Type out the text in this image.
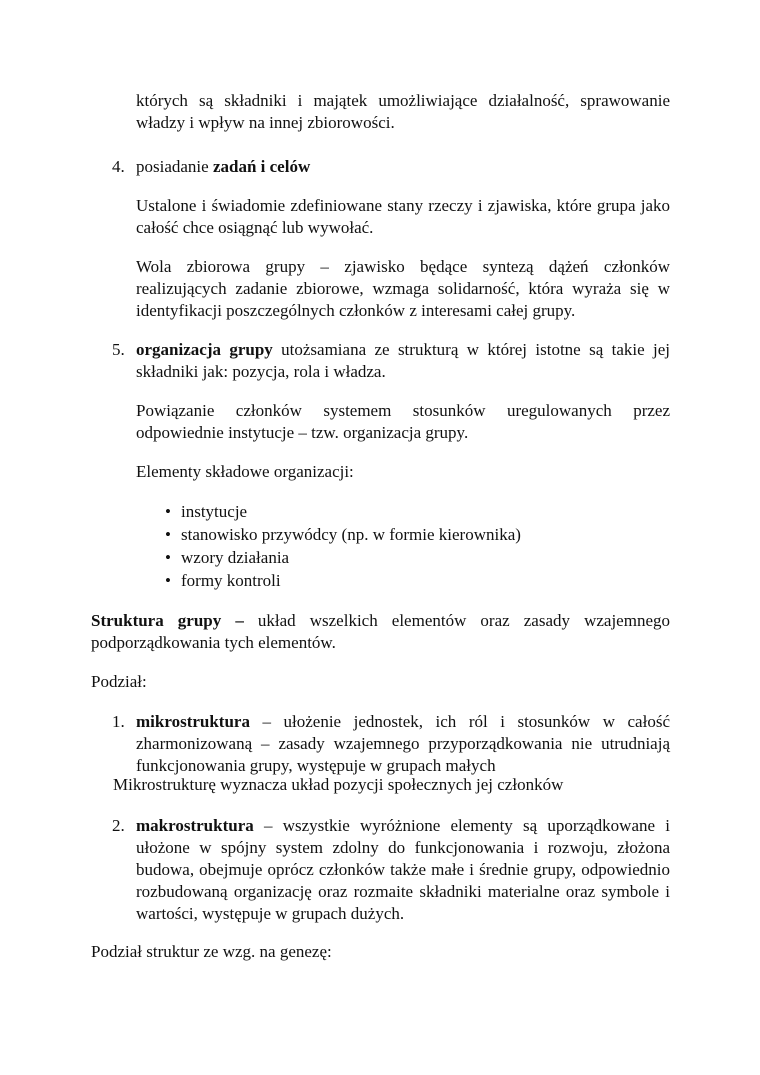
których są składniki i majątek umożliwiające działalność, sprawowanie władzy i wpływ na innej zbiorowości.

4. posiadanie zadań i celów

Ustalone i świadomie zdefiniowane stany rzeczy i zjawiska, które grupa jako całość chce osiągnąć lub wywołać.

Wola zbiorowa grupy – zjawisko będące syntezą dążeń członków realizujących zadanie zbiorowe, wzmaga solidarność, która wyraża się w identyfikacji poszczególnych członków z interesami całej grupy.

5. organizacja grupy utożsamiana ze strukturą w której istotne są takie jej składniki jak: pozycja, rola i władza.

Powiązanie członków systemem stosunków uregulowanych przez odpowiednie instytucje – tzw. organizacja grupy.

Elementy składowe organizacji:

• instytucje
• stanowisko przywódcy (np. w formie kierownika)
• wzory działania
• formy kontroli

Struktura grupy – układ wszelkich elementów oraz zasady wzajemnego podporządkowania tych elementów.

Podział:

1. mikrostruktura – ułożenie jednostek, ich ról i stosunków w całość zharmonizowaną – zasady wzajemnego przyporządkowania nie utrudniają funkcjonowania grupy, występuje w grupach małych

Mikrostrukturę wyznacza układ pozycji społecznych jej członków

2. makrostruktura – wszystkie wyróżnione elementy są uporządkowane i ułożone w spójny system zdolny do funkcjonowania i rozwoju, złożona budowa, obejmuje oprócz członków także małe i średnie grupy, odpowiednio rozbudowaną organizację oraz rozmaite składniki materialne oraz symbole i wartości, występuje w grupach dużych.

Podział struktur ze wzg. na genezę:
